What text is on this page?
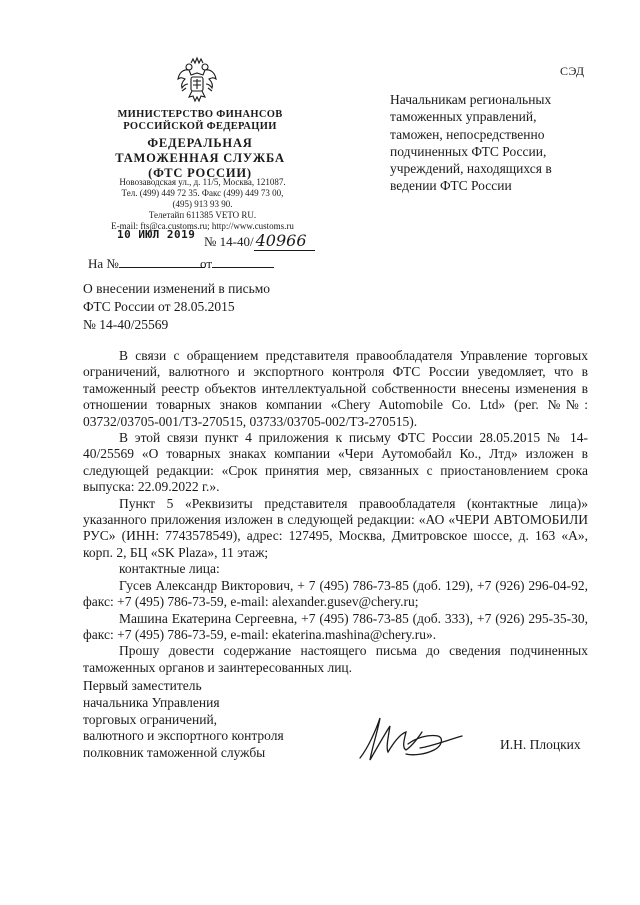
СЭД
МИНИСТЕРСТВО ФИНАНСОВ
РОССИЙСКОЙ ФЕДЕРАЦИИ
ФЕДЕРАЛЬНАЯ
ТАМОЖЕННАЯ СЛУЖБА
(ФТС РОССИИ)
Новозаводская ул., д. 11/5, Москва, 121087.
Тел. (499) 449 72 35. Факс (499) 449 73 00,
(495) 913 93 90.
Телетайп 611385 VETO RU.
E-mail: fts@ca.customs.ru; http://www.customs.ru
10 ИЮЛ 2019 № 14-40/ 40966
На №	от
Начальникам региональных
таможенных управлений,
таможен, непосредственно
подчиненных ФТС России,
учреждений, находящихся в
ведении ФТС России
О внесении изменений в письмо
ФТС России от 28.05.2015
№ 14-40/25569

В связи с обращением представителя правообладателя Управление торговых ограничений, валютного и экспортного контроля ФТС России уведомляет, что в таможенный реестр объектов интеллектуальной собственности внесены изменения в отношении товарных знаков компании «Chery Automobile Co. Ltd» (рег. №№: 03732/03705-001/ТЗ-270515, 03733/03705-002/ТЗ-270515).

В этой связи пункт 4 приложения к письму ФТС России 28.05.2015 № 14-40/25569 «О товарных знаках компании «Чери Аутомобайл Ко., Лтд» изложен в следующей редакции: «Срок принятия мер, связанных с приостановлением срока выпуска: 22.09.2022 г.».

Пункт 5 «Реквизиты представителя правообладателя (контактные лица)» указанного приложения изложен в следующей редакции: «АО «ЧЕРИ АВТОМОБИЛИ РУС» (ИНН: 7743578549), адрес: 127495, Москва, Дмитровское шоссе, д. 163 «А», корп. 2, БЦ «SK Plaza», 11 этаж;

контактные лица:

Гусев Александр Викторович, + 7 (495) 786-73-85 (доб. 129), +7 (926) 296-04-92, факс: +7 (495) 786-73-59, e-mail: alexander.gusev@chery.ru;

Машина Екатерина Сергеевна, +7 (495) 786-73-85 (доб. 333), +7 (926) 295-35-30, факс: +7 (495) 786-73-59, e-mail: ekaterina.mashina@chery.ru».

Прошу довести содержание настоящего письма до сведения подчиненных таможенных органов и заинтересованных лиц.

Первый заместитель
начальника Управления
торговых ограничений,
валютного и экспортного контроля
полковник таможенной службы
И.Н. Плоцких
